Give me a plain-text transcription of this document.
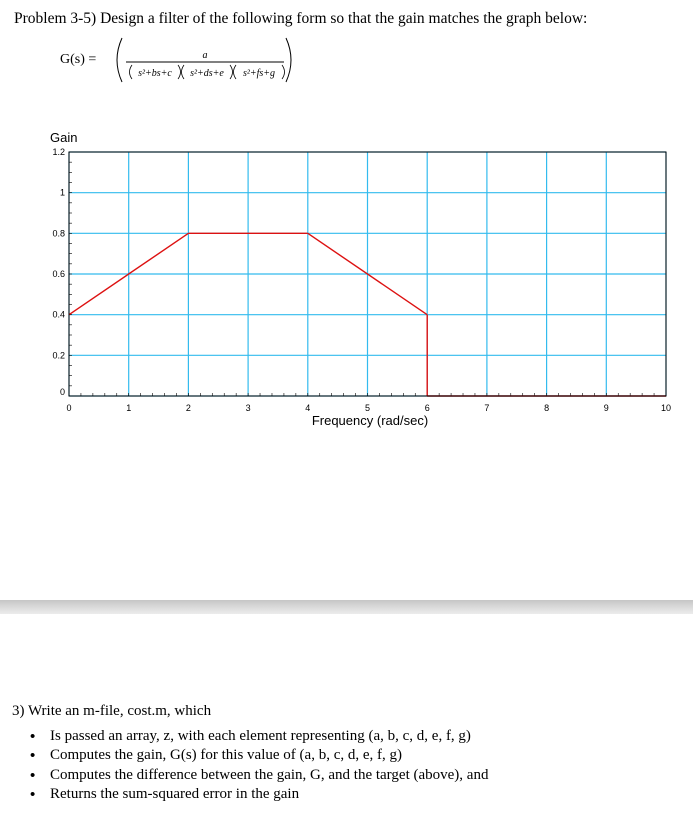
Problem 3-5) Design a filter of the following form so that the gain matches the graph below:
G(s) =	a
s²+bs+c s²+ds+e s²+fs+g
0	1	2	3	4	5	6	7	8	9	10
0
0.2
0.4
0.6
0.8
1
1.2
Gain
Frequency (rad/sec)
3) Write an m-file, cost.m, which
• Is passed an array, z, with each element representing (a, b, c, d, e, f, g)
• Computes the gain, G(s) for this value of (a, b, c, d, e, f, g)
• Computes the difference between the gain, G, and the target (above), and
• Returns the sum-squared error in the gain
